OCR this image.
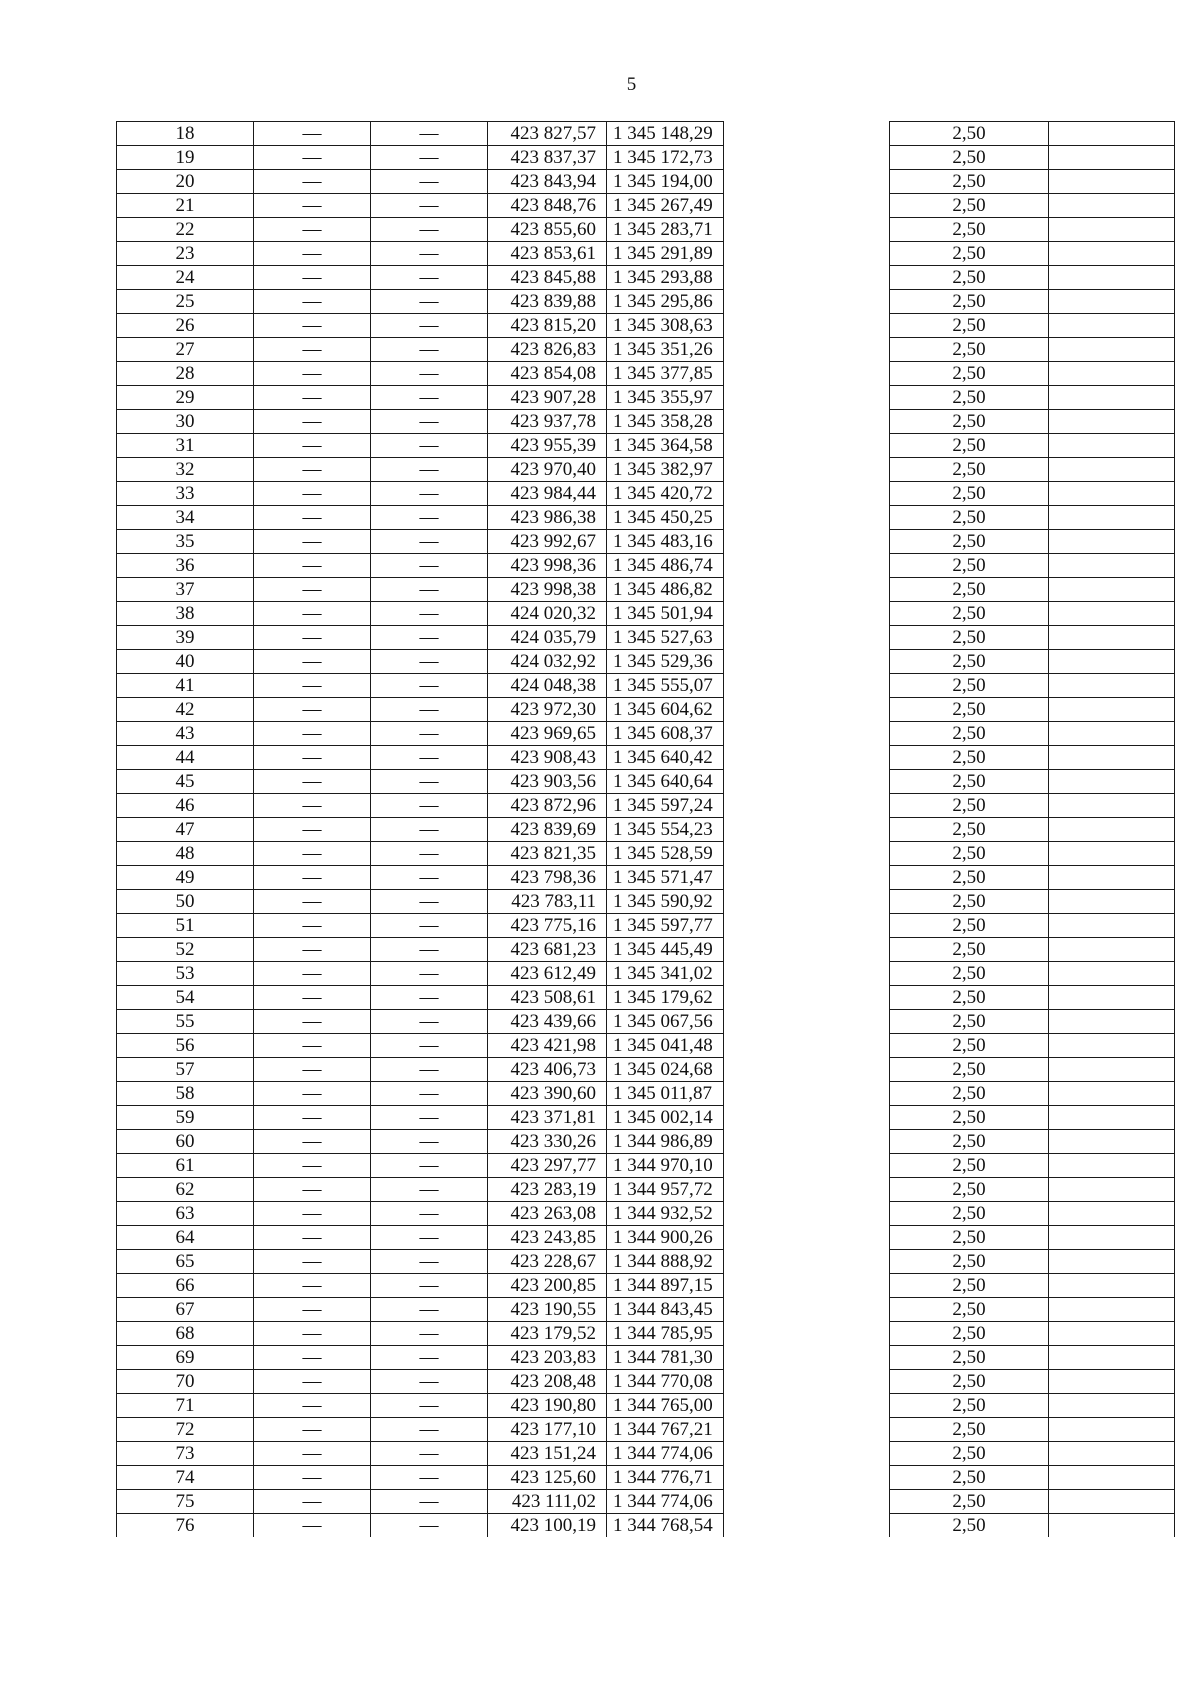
5
18	—	—	423 827,57	1 345 148,29		2,50	
19	—	—	423 837,37	1 345 172,73		2,50	
20	—	—	423 843,94	1 345 194,00		2,50	
21	—	—	423 848,76	1 345 267,49		2,50	
22	—	—	423 855,60	1 345 283,71		2,50	
23	—	—	423 853,61	1 345 291,89		2,50	
24	—	—	423 845,88	1 345 293,88		2,50	
25	—	—	423 839,88	1 345 295,86		2,50	
26	—	—	423 815,20	1 345 308,63		2,50	
27	—	—	423 826,83	1 345 351,26		2,50	
28	—	—	423 854,08	1 345 377,85		2,50	
29	—	—	423 907,28	1 345 355,97		2,50	
30	—	—	423 937,78	1 345 358,28		2,50	
31	—	—	423 955,39	1 345 364,58		2,50	
32	—	—	423 970,40	1 345 382,97		2,50	
33	—	—	423 984,44	1 345 420,72		2,50	
34	—	—	423 986,38	1 345 450,25		2,50	
35	—	—	423 992,67	1 345 483,16		2,50	
36	—	—	423 998,36	1 345 486,74		2,50	
37	—	—	423 998,38	1 345 486,82		2,50	
38	—	—	424 020,32	1 345 501,94		2,50	
39	—	—	424 035,79	1 345 527,63		2,50	
40	—	—	424 032,92	1 345 529,36		2,50	
41	—	—	424 048,38	1 345 555,07		2,50	
42	—	—	423 972,30	1 345 604,62		2,50	
43	—	—	423 969,65	1 345 608,37		2,50	
44	—	—	423 908,43	1 345 640,42		2,50	
45	—	—	423 903,56	1 345 640,64		2,50	
46	—	—	423 872,96	1 345 597,24		2,50	
47	—	—	423 839,69	1 345 554,23		2,50	
48	—	—	423 821,35	1 345 528,59		2,50	
49	—	—	423 798,36	1 345 571,47		2,50	
50	—	—	423 783,11	1 345 590,92		2,50	
51	—	—	423 775,16	1 345 597,77		2,50	
52	—	—	423 681,23	1 345 445,49		2,50	
53	—	—	423 612,49	1 345 341,02		2,50	
54	—	—	423 508,61	1 345 179,62		2,50	
55	—	—	423 439,66	1 345 067,56		2,50	
56	—	—	423 421,98	1 345 041,48		2,50	
57	—	—	423 406,73	1 345 024,68		2,50	
58	—	—	423 390,60	1 345 011,87		2,50	
59	—	—	423 371,81	1 345 002,14		2,50	
60	—	—	423 330,26	1 344 986,89		2,50	
61	—	—	423 297,77	1 344 970,10		2,50	
62	—	—	423 283,19	1 344 957,72		2,50	
63	—	—	423 263,08	1 344 932,52		2,50	
64	—	—	423 243,85	1 344 900,26		2,50	
65	—	—	423 228,67	1 344 888,92		2,50	
66	—	—	423 200,85	1 344 897,15		2,50	
67	—	—	423 190,55	1 344 843,45		2,50	
68	—	—	423 179,52	1 344 785,95		2,50	
69	—	—	423 203,83	1 344 781,30		2,50	
70	—	—	423 208,48	1 344 770,08		2,50	
71	—	—	423 190,80	1 344 765,00		2,50	
72	—	—	423 177,10	1 344 767,21		2,50	
73	—	—	423 151,24	1 344 774,06		2,50	
74	—	—	423 125,60	1 344 776,71		2,50	
75	—	—	423 111,02	1 344 774,06		2,50	
76	—	—	423 100,19	1 344 768,54		2,50	
